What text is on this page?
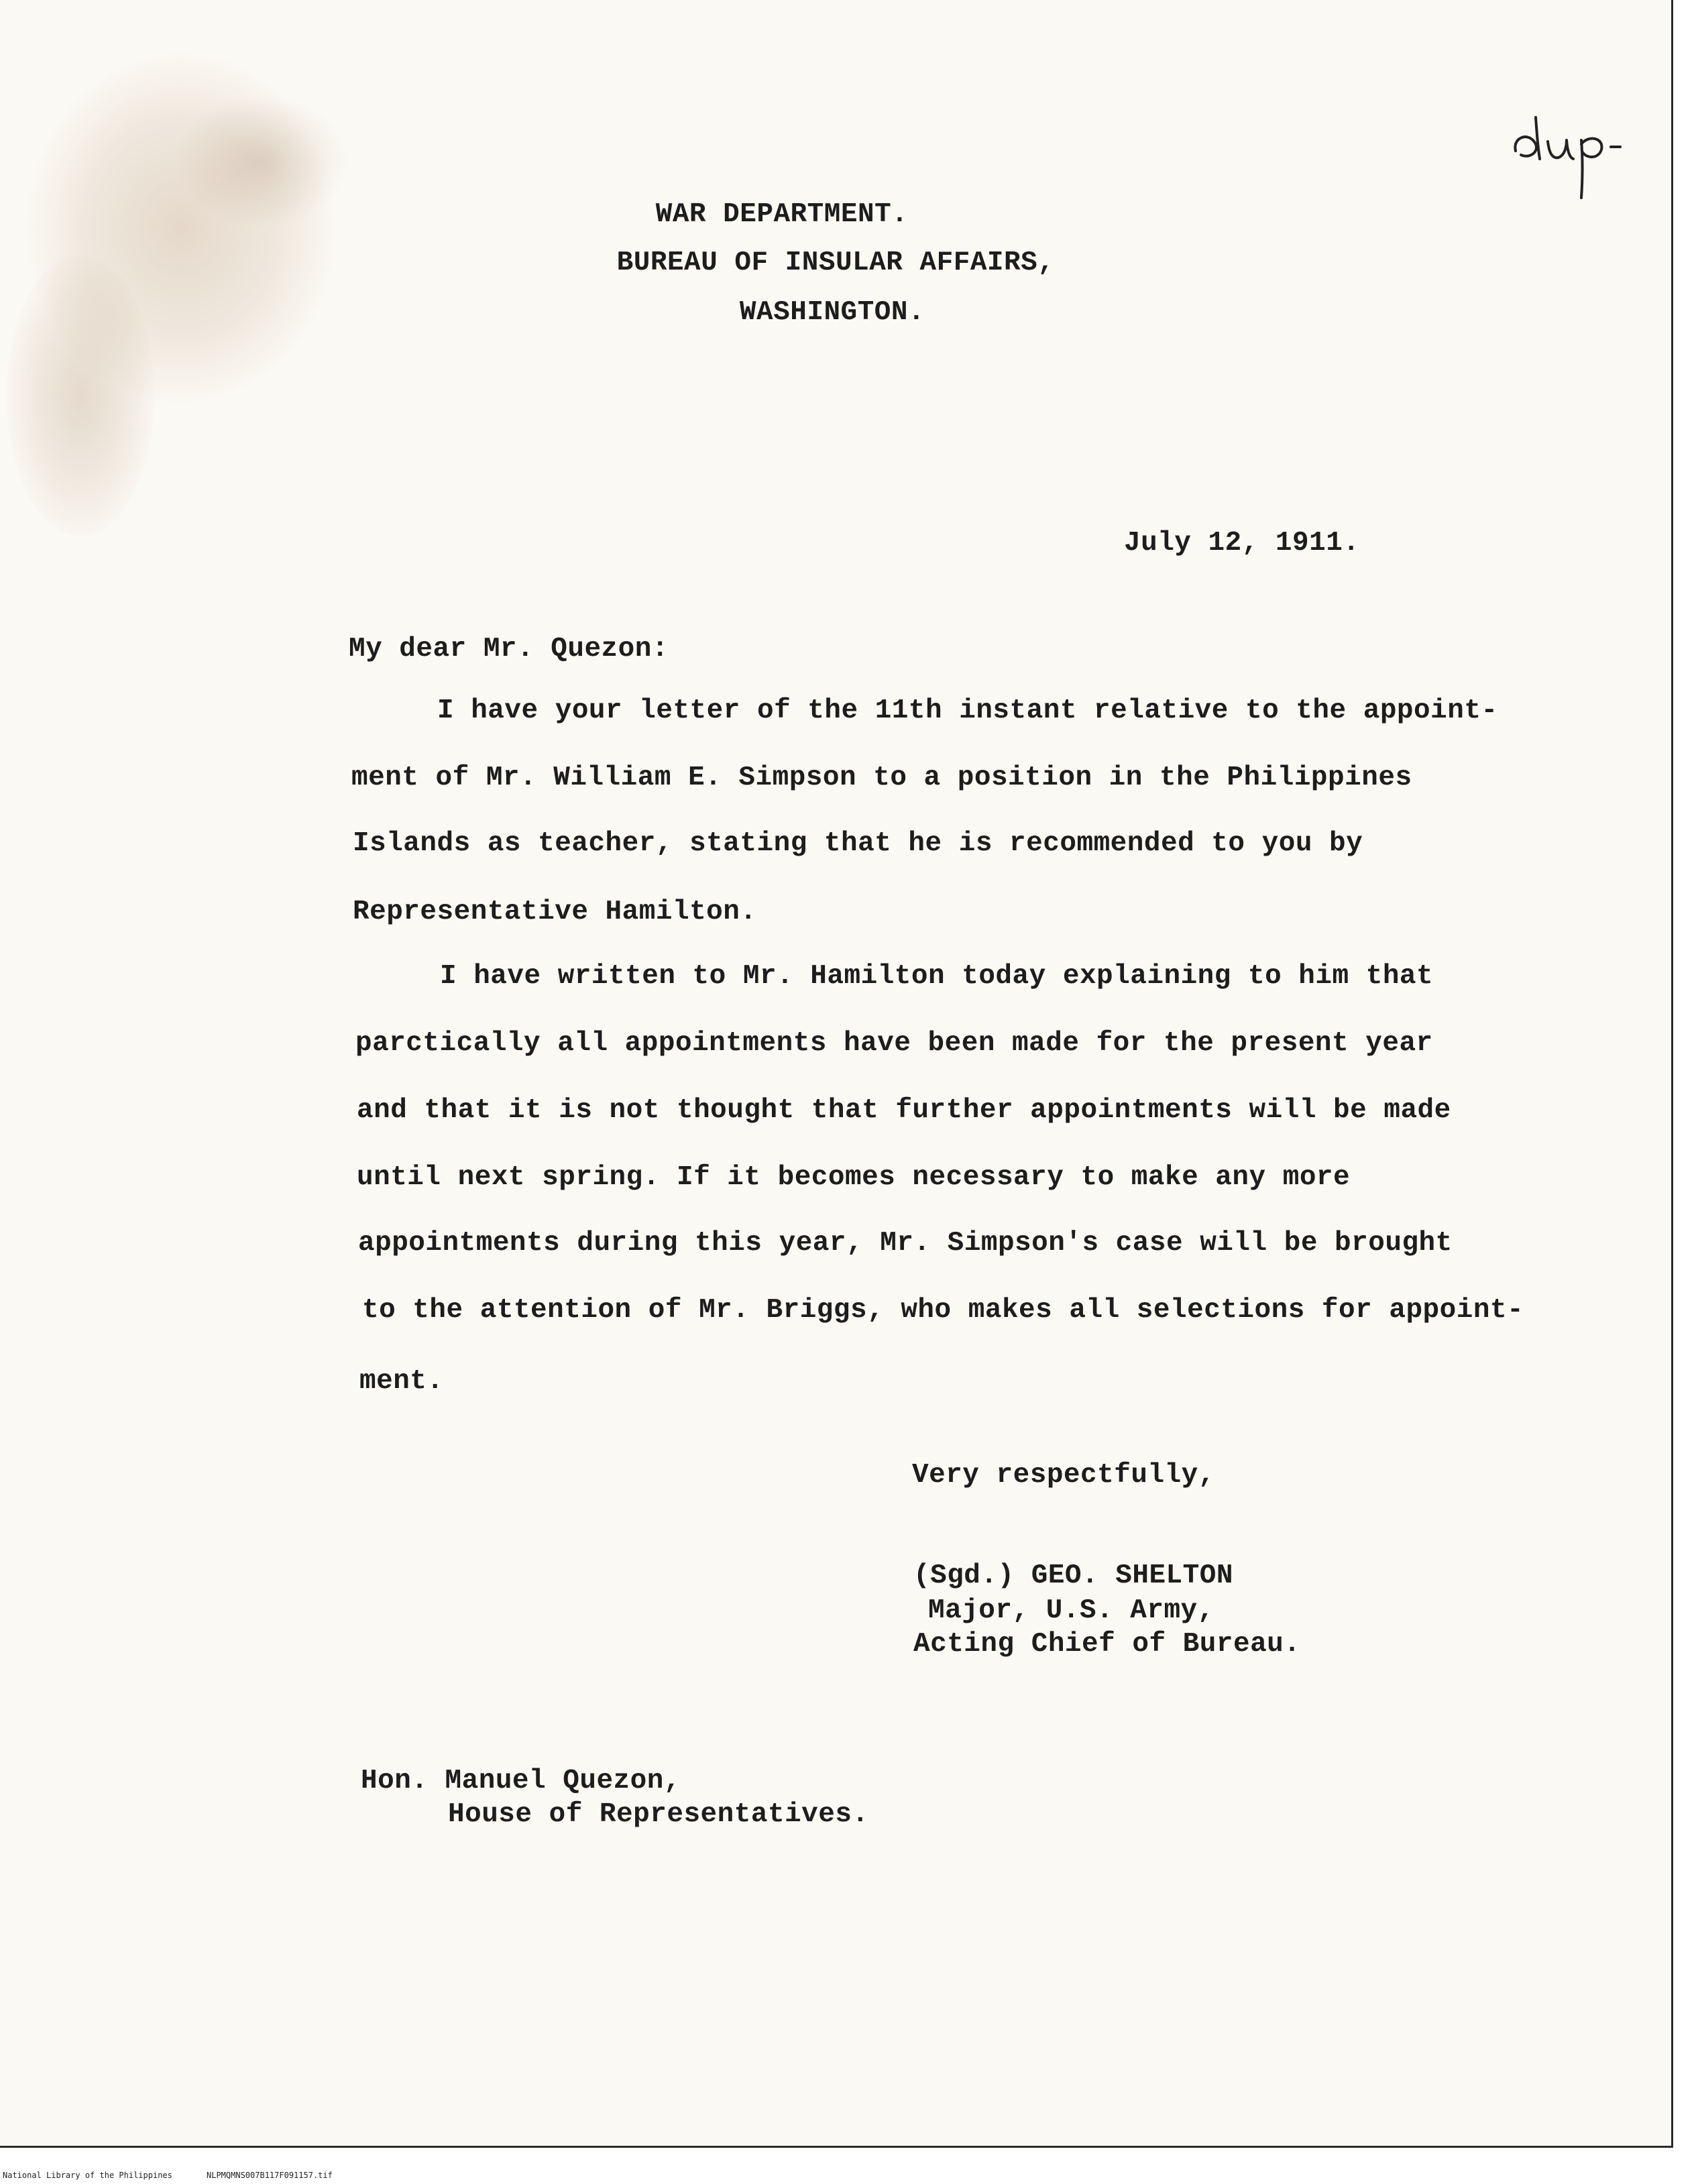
WAR DEPARTMENT.
BUREAU OF INSULAR AFFAIRS,
WASHINGTON.
July 12, 1911.
My dear Mr. Quezon:
I have your letter of the 11th instant relative to the appoint-
ment of Mr. William E. Simpson to a position in the Philippines
Islands as teacher, stating that he is recommended to you by
Representative Hamilton.
I have written to Mr. Hamilton today explaining to him that
parctically all appointments have been made for the present year
and that it is not thought that further appointments will be made
until next spring. If it becomes necessary to make any more
appointments during this year, Mr. Simpson's case will be brought
to the attention of Mr. Briggs, who makes all selections for appoint-
ment.
Very respectfully,
(Sgd.) GEO. SHELTON
Major, U.S. Army,
Acting Chief of Bureau.
Hon. Manuel Quezon,
House of Representatives.
National Library of the Philippines	NLPMQMNS007B117F091157.tif
